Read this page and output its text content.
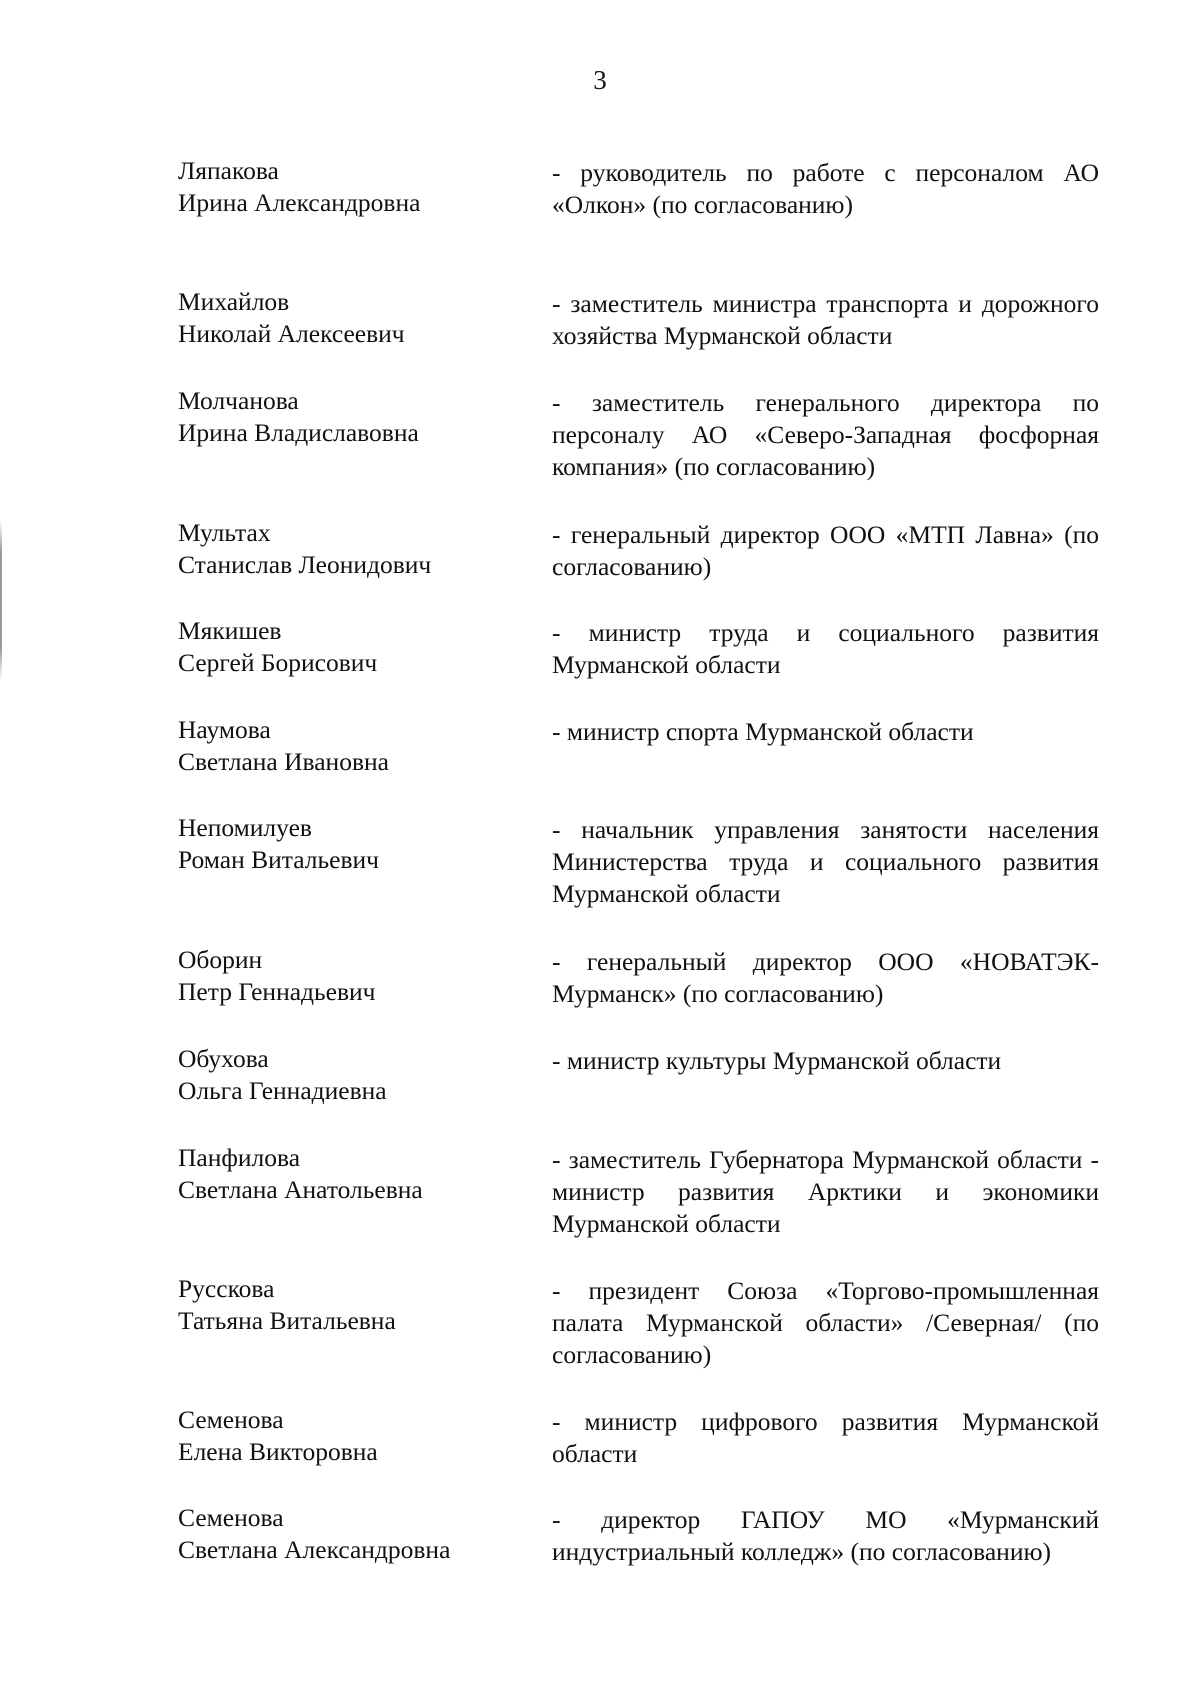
3
Ляпакова
Ирина Александровна
- руководитель по работе с персоналом АО «Олкон» (по согласованию)
Михайлов
Николай Алексеевич
- заместитель министра транспорта и дорожного хозяйства Мурманской области
Молчанова
Ирина Владиславовна
- заместитель генерального директора по персоналу АО «Северо-Западная фосфорная компания» (по согласованию)
Мультах
Станислав Леонидович
- генеральный директор ООО «МТП Лавна» (по согласованию)
Мякишев
Сергей Борисович
- министр труда и социального развития Мурманской области
Наумова
Светлана Ивановна
- министр спорта Мурманской области
Непомилуев
Роман Витальевич
- начальник управления занятости населения Министерства труда и социального развития Мурманской области
Оборин
Петр Геннадьевич
- генеральный директор ООО «НОВАТЭК-Мурманск» (по согласованию)
Обухова
Ольга Геннадиевна
- министр культуры Мурманской области
Панфилова
Светлана Анатольевна
- заместитель Губернатора Мурманской области - министр развития Арктики и экономики Мурманской области
Русскова
Татьяна Витальевна
- президент Союза «Торгово-промышленная палата Мурманской области» /Северная/ (по согласованию)
Семенова
Елена Викторовна
- министр цифрового развития Мурманской области
Семенова
Светлана Александровна
- директор ГАПОУ МО «Мурманский индустриальный колледж» (по согласованию)
